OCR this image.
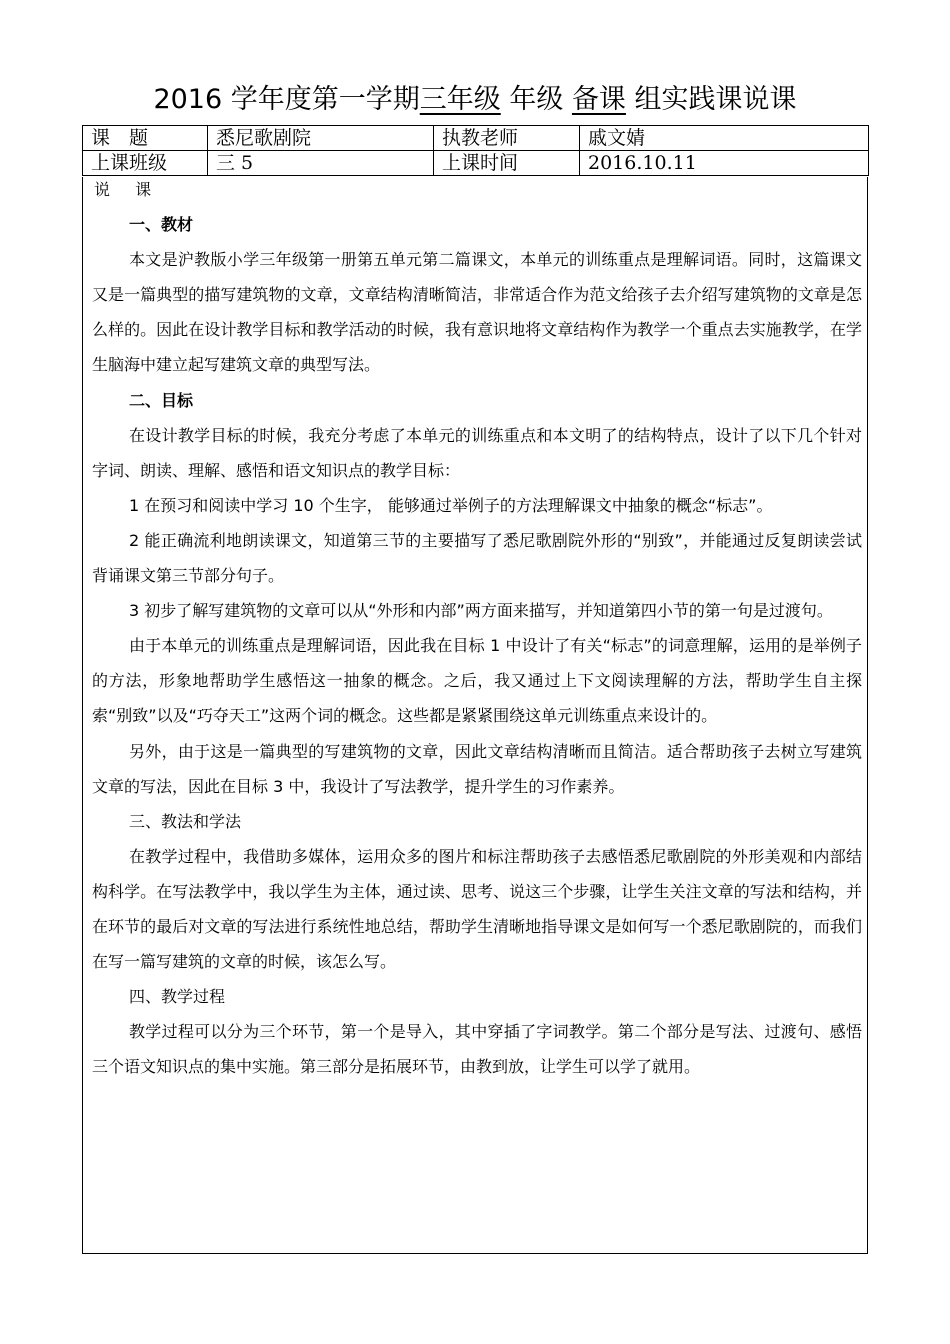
2016 学年度第一学期三年级 年级 备课 组实践课说课
课　题	悉尼歌剧院	执教老师	戚文婧
上课班级	三 5	上课时间	2016.10.11

说 课

一、教材

本文是沪教版小学三年级第一册第五单元第二篇课文，本单元的训练重点是理解词语。同时，这篇课文又是一篇典型的描写建筑物的文章，文章结构清晰简洁，非常适合作为范文给孩子去介绍写建筑物的文章是怎么样的。因此在设计教学目标和教学活动的时候，我有意识地将文章结构作为教学一个重点去实施教学，在学生脑海中建立起写建筑文章的典型写法。

二、目标

在设计教学目标的时候，我充分考虑了本单元的训练重点和本文明了的结构特点，设计了以下几个针对字词、朗读、理解、感悟和语文知识点的教学目标：

1 在预习和阅读中学习 10 个生字， 能够通过举例子的方法理解课文中抽象的概念“标志”。

2 能正确流利地朗读课文，知道第三节的主要描写了悉尼歌剧院外形的“别致”，并能通过反复朗读尝试背诵课文第三节部分句子。

3 初步了解写建筑物的文章可以从“外形和内部”两方面来描写，并知道第四小节的第一句是过渡句。

由于本单元的训练重点是理解词语，因此我在目标 1 中设计了有关“标志”的词意理解，运用的是举例子的方法，形象地帮助学生感悟这一抽象的概念。之后，我又通过上下文阅读理解的方法，帮助学生自主探索“别致”以及“巧夺天工”这两个词的概念。这些都是紧紧围绕这单元训练重点来设计的。

另外，由于这是一篇典型的写建筑物的文章，因此文章结构清晰而且简洁。适合帮助孩子去树立写建筑文章的写法，因此在目标 3 中，我设计了写法教学，提升学生的习作素养。

三、教法和学法

在教学过程中，我借助多媒体，运用众多的图片和标注帮助孩子去感悟悉尼歌剧院的外形美观和内部结构科学。在写法教学中，我以学生为主体，通过读、思考、说这三个步骤，让学生关注文章的写法和结构，并在环节的最后对文章的写法进行系统性地总结，帮助学生清晰地指导课文是如何写一个悉尼歌剧院的，而我们在写一篇写建筑的文章的时候，该怎么写。

四、教学过程

教学过程可以分为三个环节，第一个是导入，其中穿插了字词教学。第二个部分是写法、过渡句、感悟三个语文知识点的集中实施。第三部分是拓展环节，由教到放，让学生可以学了就用。
